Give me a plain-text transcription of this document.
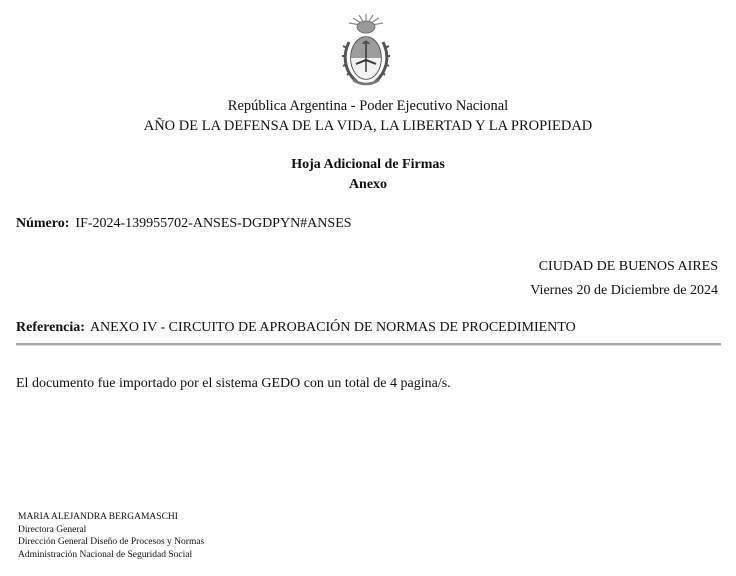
República Argentina - Poder Ejecutivo Nacional
AÑO DE LA DEFENSA DE LA VIDA, LA LIBERTAD Y LA PROPIEDAD
Hoja Adicional de Firmas
Anexo
Número: IF-2024-139955702-ANSES-DGDPYN#ANSES
CIUDAD DE BUENOS AIRES
Viernes 20 de Diciembre de 2024
Referencia: ANEXO IV - CIRCUITO DE APROBACIÓN DE NORMAS DE PROCEDIMIENTO
El documento fue importado por el sistema GEDO con un total de 4 pagina/s.
MARIA ALEJANDRA BERGAMASCHI
Directora General
Dirección General Diseño de Procesos y Normas
Administración Nacional de Seguridad Social
